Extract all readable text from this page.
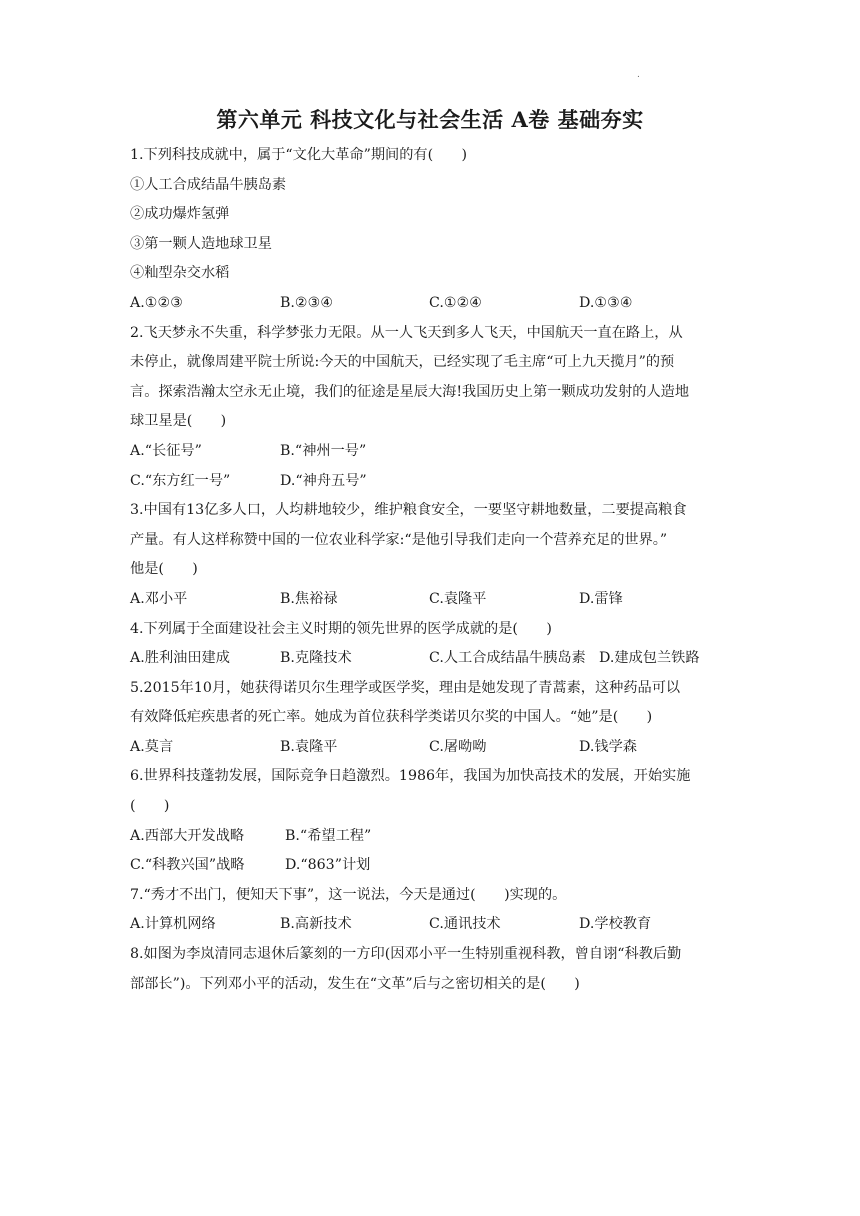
.
第六单元 科技文化与社会生活 A卷 基础夯实
1.下列科技成就中，属于“文化大革命”期间的有(　　)
①人工合成结晶牛胰岛素
②成功爆炸氢弹
③第一颗人造地球卫星
④籼型杂交水稻
A.①②③	B.②③④	C.①②④	D.①③④
2.飞天梦永不失重，科学梦张力无限。从一人飞天到多人飞天，中国航天一直在路上，从
未停止，就像周建平院士所说:今天的中国航天，已经实现了毛主席“可上九天揽月”的预
言。探索浩瀚太空永无止境，我们的征途是星辰大海!我国历史上第一颗成功发射的人造地
球卫星是(　　)
A.“长征号”	B.“神州一号”
C.“东方红一号”	D.“神舟五号”
3.中国有13亿多人口，人均耕地较少，维护粮食安全，一要坚守耕地数量，二要提高粮食
产量。有人这样称赞中国的一位农业科学家:“是他引导我们走向一个营养充足的世界。”
他是(　　)
A.邓小平	B.焦裕禄	C.袁隆平	D.雷锋
4.下列属于全面建设社会主义时期的领先世界的医学成就的是(　　)
A.胜利油田建成	B.克隆技术	C.人工合成结晶牛胰岛素 D.建成包兰铁路
5.2015年10月，她获得诺贝尔生理学或医学奖，理由是她发现了青蒿素，这种药品可以
有效降低疟疾患者的死亡率。她成为首位获科学类诺贝尔奖的中国人。“她”是(　　)
A.莫言	B.袁隆平	C.屠呦呦	D.钱学森
6.世界科技蓬勃发展，国际竞争日趋激烈。1986年，我国为加快高技术的发展，开始实施
(　　)
A.西部大开发战略	B.“希望工程”
C.“科教兴国”战略	D.“863”计划
7.“秀才不出门，便知天下事”，这一说法，今天是通过(　　)实现的。
A.计算机网络	B.高新技术	C.通讯技术	D.学校教育
8.如图为李岚清同志退休后篆刻的一方印(因邓小平一生特别重视科教，曾自诩“科教后勤
部部长”)。下列邓小平的活动，发生在“文革”后与之密切相关的是(　　)
